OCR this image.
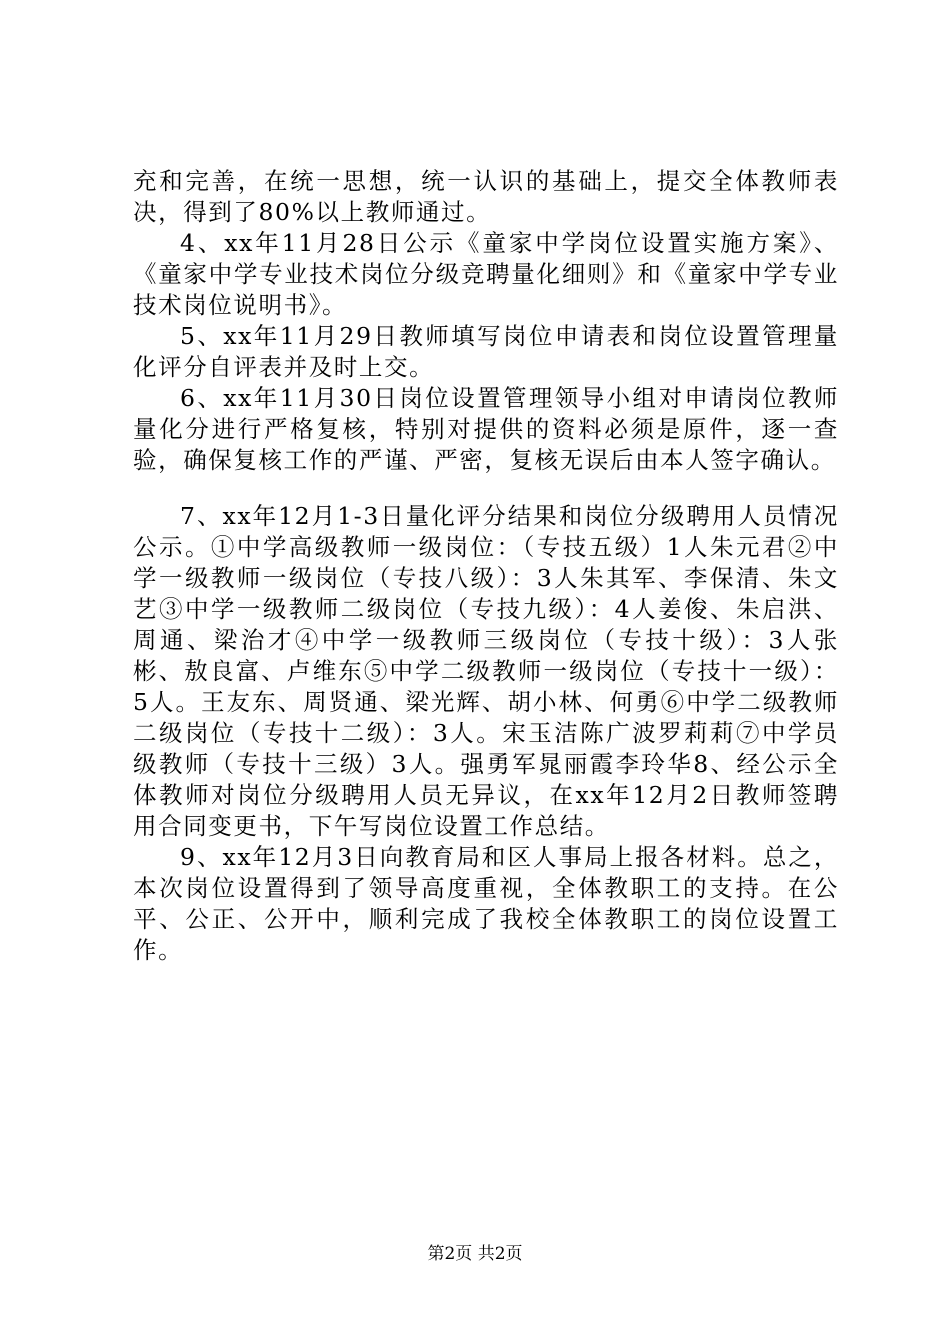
充和完善，在统一思想，统一认识的基础上，提交全体教师表决，得到了80%以上教师通过。

4、xx年11月28日公示《童家中学岗位设置实施方案》、《童家中学专业技术岗位分级竞聘量化细则》和《童家中学专业技术岗位说明书》。

5、xx年11月29日教师填写岗位申请表和岗位设置管理量化评分自评表并及时上交。

6、xx年11月30日岗位设置管理领导小组对申请岗位教师量化分进行严格复核，特别对提供的资料必须是原件，逐一查验，确保复核工作的严谨、严密，复核无误后由本人签字确认。

7、xx年12月1-3日量化评分结果和岗位分级聘用人员情况公示。①中学高级教师一级岗位：（专技五级）1人朱元君②中学一级教师一级岗位（专技八级）：3人朱其军、李保清、朱文艺③中学一级教师二级岗位（专技九级）：4人姜俊、朱启洪、周通、梁治才④中学一级教师三级岗位（专技十级）：3人张彬、敖良富、卢维东⑤中学二级教师一级岗位（专技十一级）：5人。王友东、周贤通、梁光辉、胡小林、何勇⑥中学二级教师二级岗位（专技十二级）：3人。宋玉洁陈广波罗莉莉⑦中学员级教师（专技十三级）3人。强勇军晁丽霞李玲华8、经公示全体教师对岗位分级聘用人员无异议，在xx年12月2日教师签聘用合同变更书，下午写岗位设置工作总结。

9、xx年12月3日向教育局和区人事局上报各材料。总之，本次岗位设置得到了领导高度重视，全体教职工的支持。在公平、公正、公开中，顺利完成了我校全体教职工的岗位设置工作。

第2页 共2页
